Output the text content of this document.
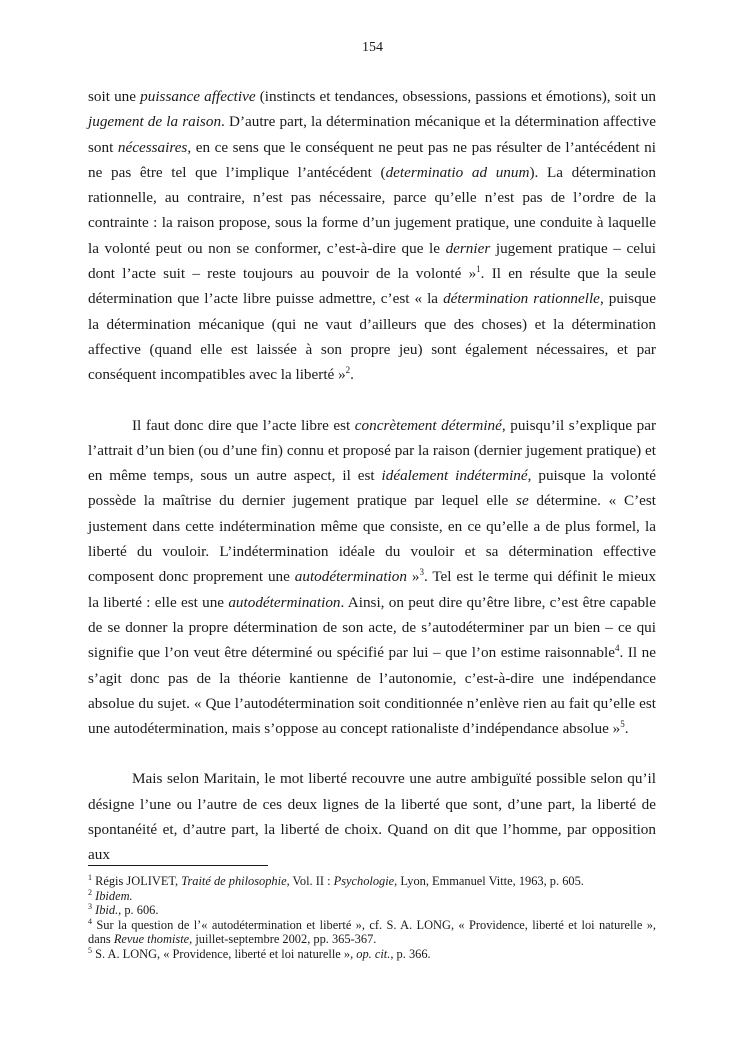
154

soit une puissance affective (instincts et tendances, obsessions, passions et émotions), soit un jugement de la raison. D’autre part, la détermination mécanique et la détermination affective sont nécessaires, en ce sens que le conséquent ne peut pas ne pas résulter de l’antécédent ni ne pas être tel que l’implique l’antécédent (determinatio ad unum). La détermination rationnelle, au contraire, n’est pas nécessaire, parce qu’elle n’est pas de l’ordre de la contrainte : la raison propose, sous la forme d’un jugement pratique, une conduite à laquelle la volonté peut ou non se conformer, c’est-à-dire que le dernier jugement pratique – celui dont l’acte suit – reste toujours au pouvoir de la volonté »$^1$. Il en résulte que la seule détermination que l’acte libre puisse admettre, c’est « la détermination rationnelle, puisque la détermination mécanique (qui ne vaut d’ailleurs que des choses) et la détermination affective (quand elle est laissée à son propre jeu) sont également nécessaires, et par conséquent incompatibles avec la liberté »$^2$.

Il faut donc dire que l’acte libre est concrètement déterminé, puisqu’il s’explique par l’attrait d’un bien (ou d’une fin) connu et proposé par la raison (dernier jugement pratique) et en même temps, sous un autre aspect, il est idéalement indéterminé, puisque la volonté possède la maîtrise du dernier jugement pratique par lequel elle se détermine. « C’est justement dans cette indétermination même que consiste, en ce qu’elle a de plus formel, la liberté du vouloir. L’indétermination idéale du vouloir et sa détermination effective composent donc proprement une autodétermination »$^3$. Tel est le terme qui définit le mieux la liberté : elle est une autodétermination. Ainsi, on peut dire qu’être libre, c’est être capable de se donner la propre détermination de son acte, de s’autodéterminer par un bien – ce qui signifie que l’on veut être déterminé ou spécifié par lui – que l’on estime raisonnable$^4$. Il ne s’agit donc pas de la théorie kantienne de l’autonomie, c’est-à-dire une indépendance absolue du sujet. « Que l’autodétermination soit conditionnée n’enlève rien au fait qu’elle est une autodétermination, mais s’oppose au concept rationaliste d’indépendance absolue »$^5$.

Mais selon Maritain, le mot liberté recouvre une autre ambiguïté possible selon qu’il désigne l’une ou l’autre de ces deux lignes de la liberté que sont, d’une part, la liberté de spontanéité et, d’autre part, la liberté de choix. Quand on dit que l’homme, par opposition aux

$^1$ Régis JOLIVET, Traité de philosophie, Vol. II : Psychologie, Lyon, Emmanuel Vitte, 1963, p. 605.

$^2$ Ibidem.

$^3$ Ibid., p. 606.

$^4$ Sur la question de l’« autodétermination et liberté », cf. S. A. LONG, « Providence, liberté et loi naturelle », dans Revue thomiste, juillet-septembre 2002, pp. 365-367.

$^5$ S. A. LONG, « Providence, liberté et loi naturelle », op. cit., p. 366.
